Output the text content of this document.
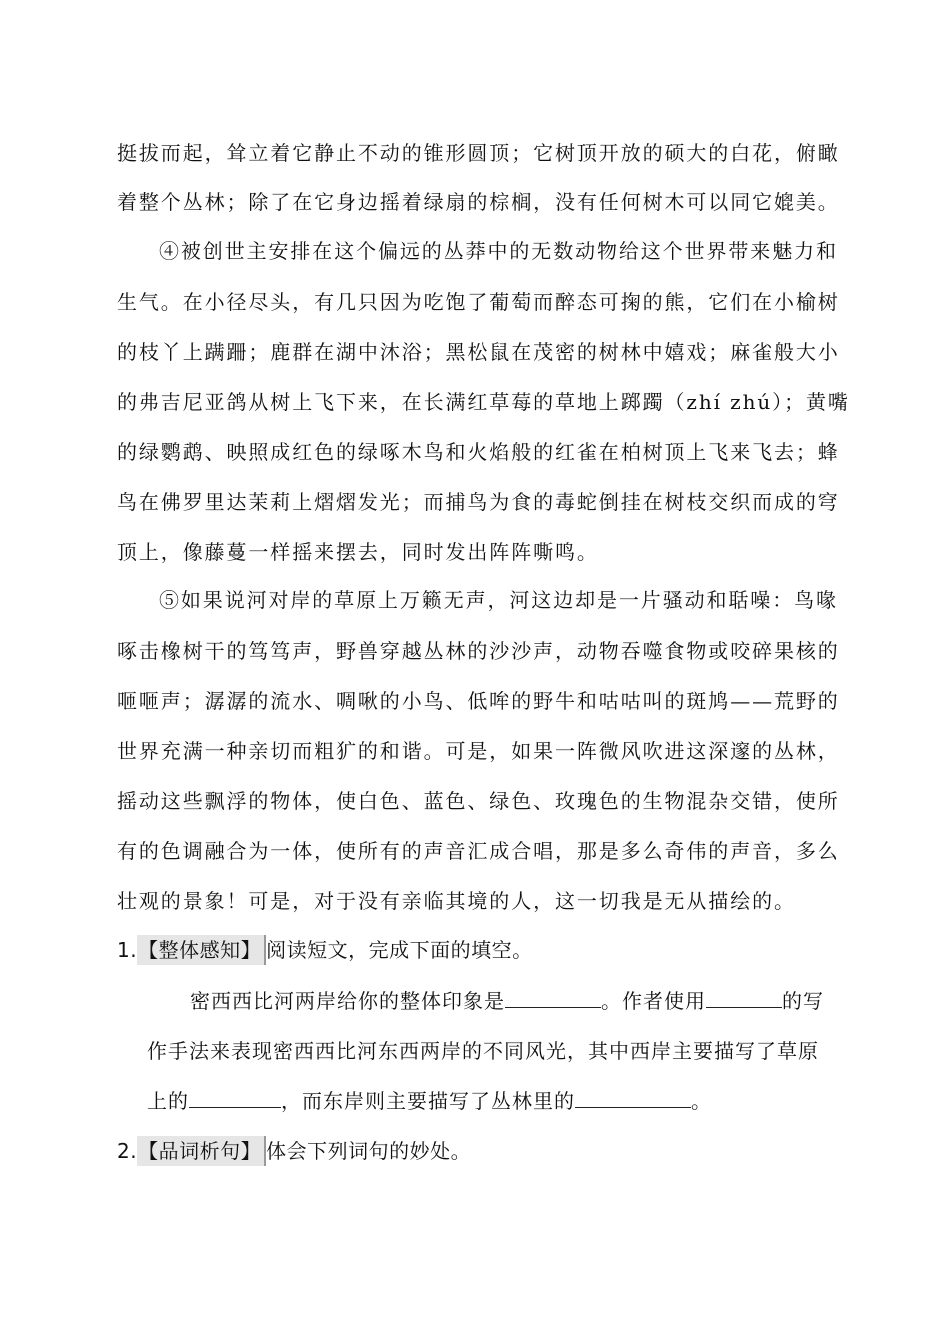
挺拔而起，耸立着它静止不动的锥形圆顶；它树顶开放的硕大的白花，俯瞰
着整个丛林；除了在它身边摇着绿扇的棕榈，没有任何树木可以同它媲美。
④被创世主安排在这个偏远的丛莽中的无数动物给这个世界带来魅力和
生气。在小径尽头，有几只因为吃饱了葡萄而醉态可掬的熊，它们在小榆树
的枝丫上蹒跚；鹿群在湖中沐浴；黑松鼠在茂密的树林中嬉戏；麻雀般大小
的弗吉尼亚鸽从树上飞下来，在长满红草莓的草地上踯躅（zhí zhú）；黄嘴
的绿鹦鹉、映照成红色的绿啄木鸟和火焰般的红雀在柏树顶上飞来飞去；蜂
鸟在佛罗里达茉莉上熠熠发光；而捕鸟为食的毒蛇倒挂在树枝交织而成的穹
顶上，像藤蔓一样摇来摆去，同时发出阵阵嘶鸣。
⑤如果说河对岸的草原上万籁无声，河这边却是一片骚动和聒噪：鸟喙
啄击橡树干的笃笃声，野兽穿越丛林的沙沙声，动物吞噬食物或咬碎果核的
咂咂声；潺潺的流水、啁啾的小鸟、低哞的野牛和咕咕叫的斑鸠——荒野的
世界充满一种亲切而粗犷的和谐。可是，如果一阵微风吹进这深邃的丛林，
摇动这些飘浮的物体，使白色、蓝色、绿色、玫瑰色的生物混杂交错，使所
有的色调融合为一体，使所有的声音汇成合唱，那是多么奇伟的声音，多么
壮观的景象！可是，对于没有亲临其境的人，这一切我是无从描绘的。
1.【整体感知】 阅读短文，完成下面的填空。
密西西比河两岸给你的整体印象是	。作者使用	的写
作手法来表现密西西比河东西两岸的不同风光，其中西岸主要描写了草原
上的	，而东岸则主要描写了丛林里的	。
2.【品词析句】 体会下列词句的妙处。
